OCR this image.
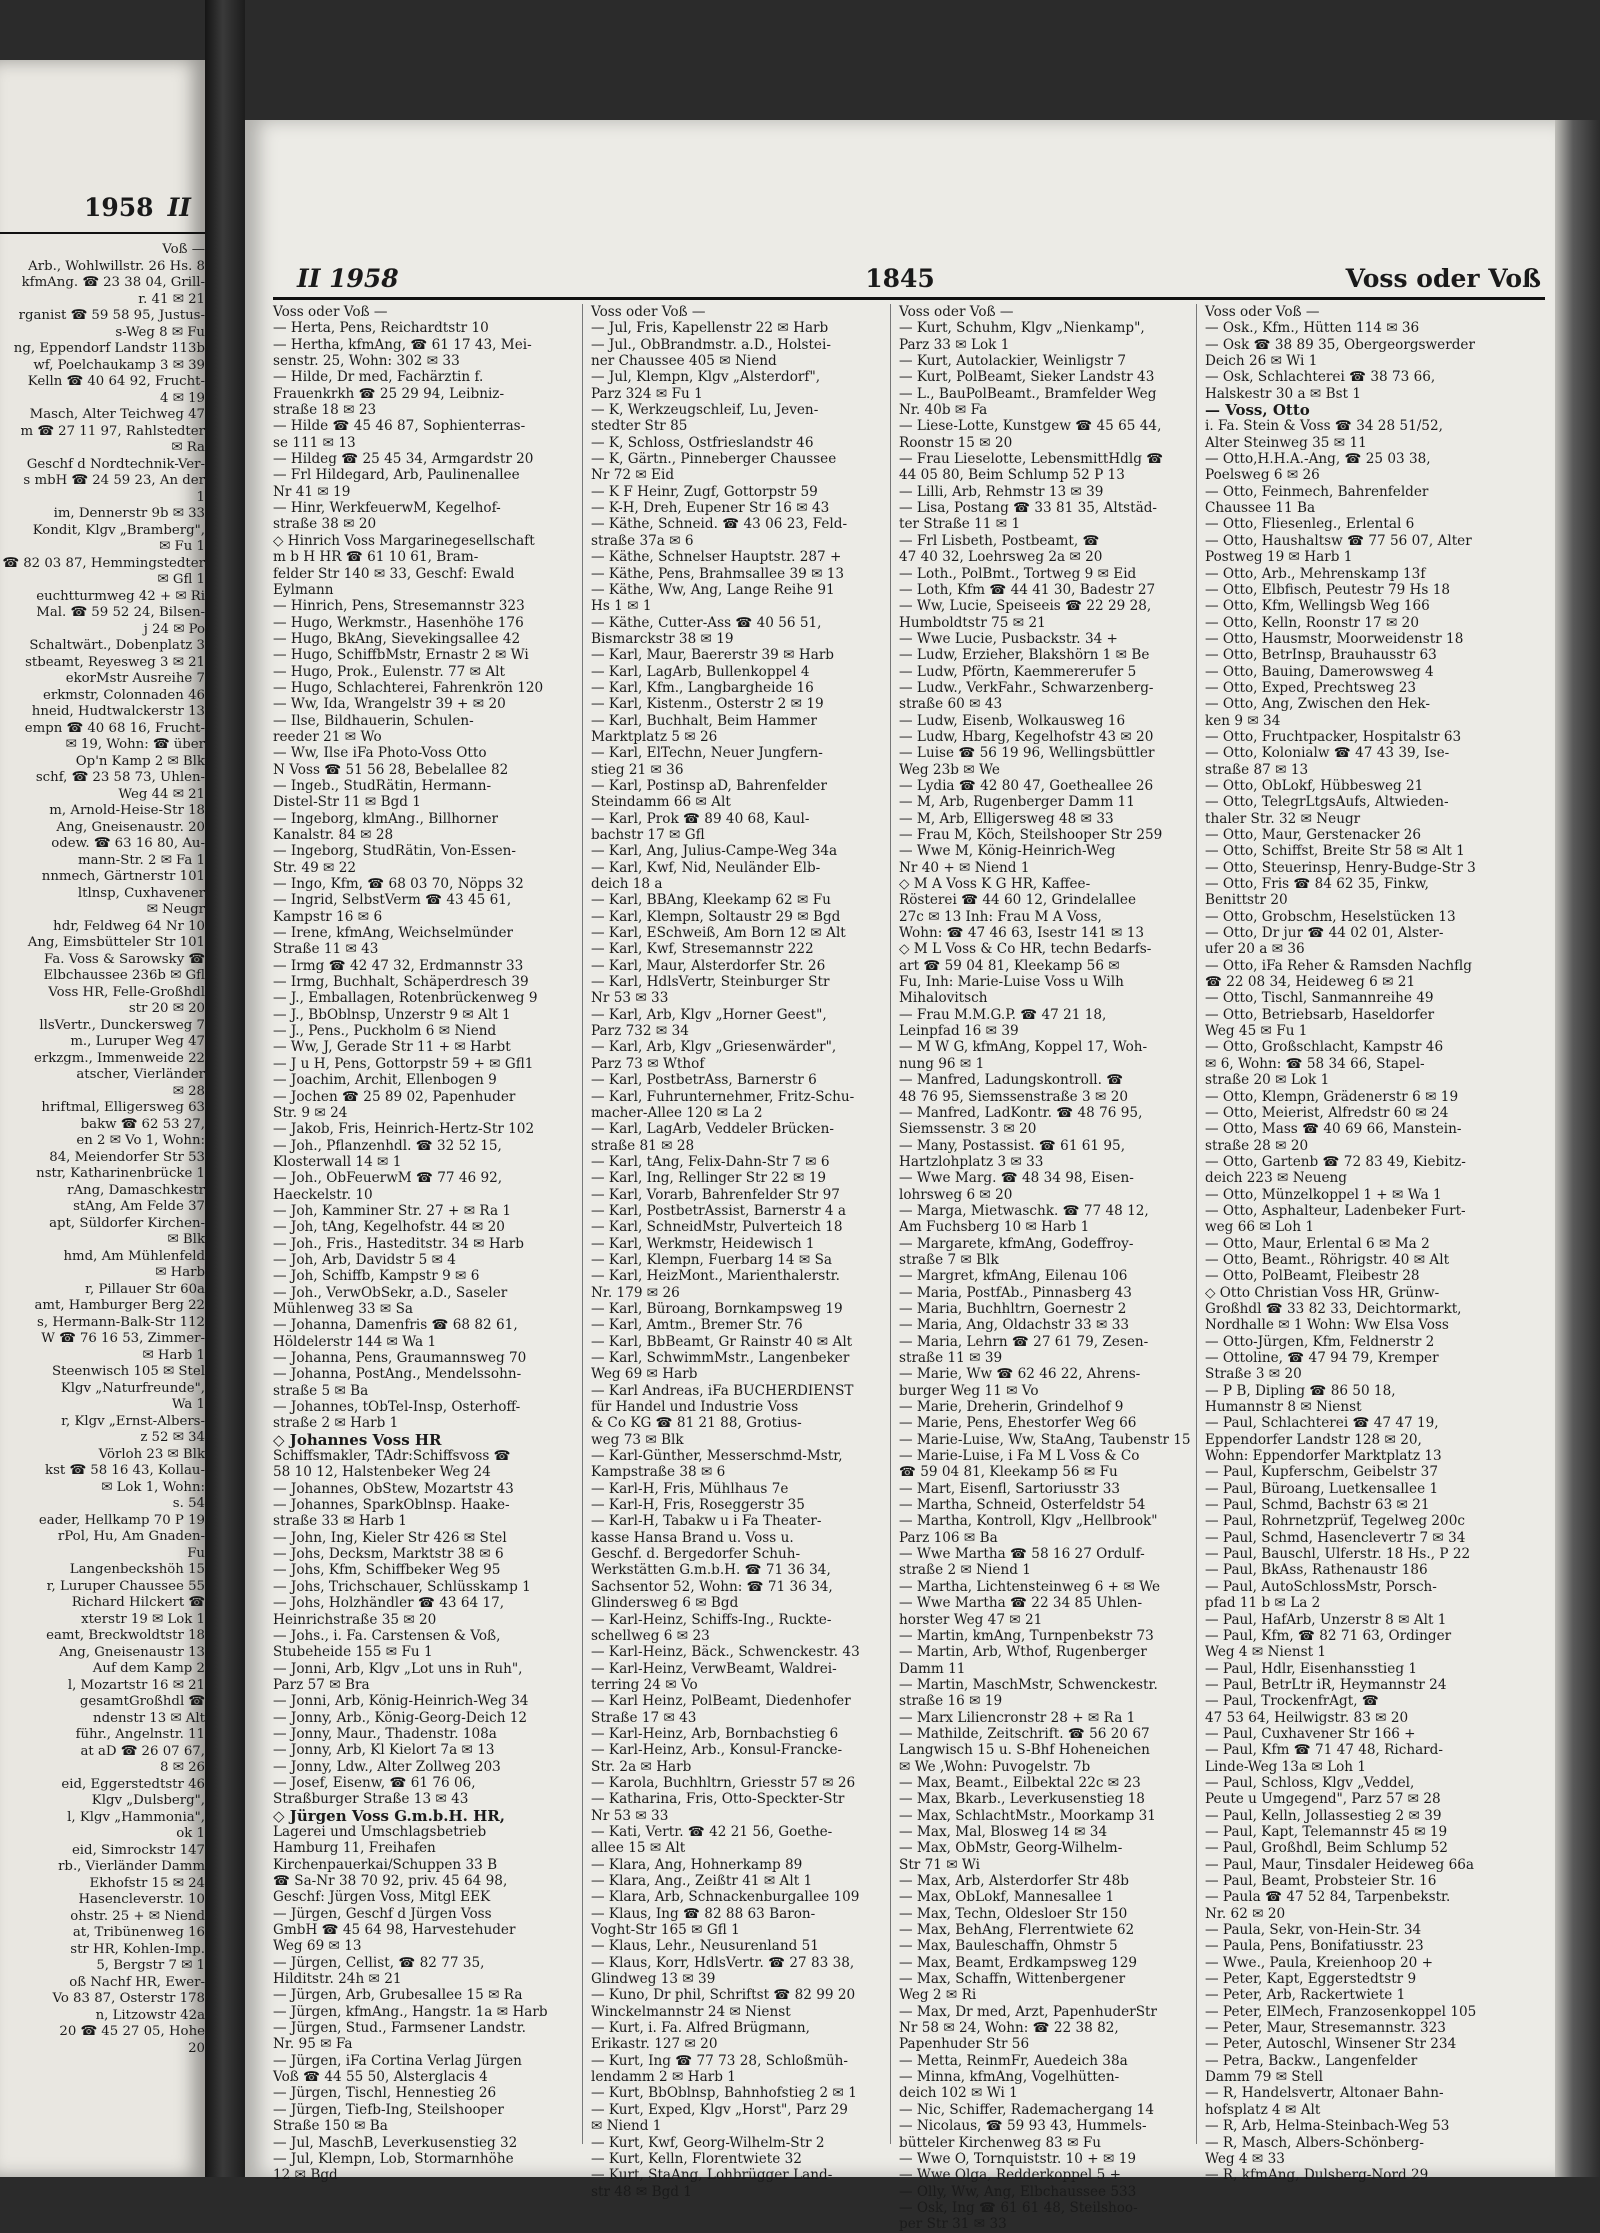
1958 II
Voß —
Arb., Wohlwillstr. 26 Hs. 8
kfmAng. ☎ 23 38 04, Grill-
r. 41 ✉ 21
rganist ☎ 59 58 95, Justus-
s-Weg 8 ✉ Fu
ng, Eppendorf Landstr 113b
wf, Poelchaukamp 3 ✉ 39
Kelln ☎ 40 64 92, Frucht-
4 ✉ 19
Masch, Alter Teichweg 47
m ☎ 27 11 97, Rahlstedter
✉ Ra
Geschf d Nordtechnik-Ver-
s mbH ☎ 24 59 23, An der
1
im, Dennerstr 9b ✉ 33
Kondit, Klgv „Bramberg",
✉ Fu 1
☎ 82 03 87, Hemmingstedter
✉ Gfl 1
euchtturmweg 42 + ✉ Ri
Mal. ☎ 59 52 24, Bilsen-
j 24 ✉ Po
Schaltwärt., Dobenplatz 3
stbeamt, Reyesweg 3 ✉ 21
ekorMstr Ausreihe 7
erkmstr, Colonnaden 46
hneid, Hudtwalckerstr 13
empn ☎ 40 68 16, Frucht-
✉ 19, Wohn: ☎ über
Op'n Kamp 2 ✉ Blk
schf, ☎ 23 58 73, Uhlen-
Weg 44 ✉ 21
m, Arnold-Heise-Str 18
Ang, Gneisenaustr. 20
odew. ☎ 63 16 80, Au-
mann-Str. 2 ✉ Fa 1
nnmech, Gärtnerstr 101
ltlnsp, Cuxhavener
✉ Neugr
hdr, Feldweg 64 Nr 10
Ang, Eimsbütteler Str 101
Fa. Voss & Sarowsky ☎
Elbchaussee 236b ✉ Gfl
Voss HR, Felle-Großhdl
str 20 ✉ 20
llsVertr., Dunckersweg 7
m., Luruper Weg 47
erkzgm., Immenweide 22
atscher, Vierländer
✉ 28
hriftmal, Elligersweg 63
bakw ☎ 62 53 27,
en 2 ✉ Vo 1, Wohn:
84, Meiendorfer Str 53
nstr, Katharinenbrücke 1
rAng, Damaschkestr
stAng, Am Felde 37
apt, Süldorfer Kirchen-
✉ Blk
hmd, Am Mühlenfeld
✉ Harb
r, Pillauer Str 60a
amt, Hamburger Berg 22
s, Hermann-Balk-Str 112
W ☎ 76 16 53, Zimmer-
✉ Harb 1
Steenwisch 105 ✉ Stel
Klgv „Naturfreunde",
Wa 1
r, Klgv „Ernst-Albers-
z 52 ✉ 34
Vörloh 23 ✉ Blk
kst ☎ 58 16 43, Kollau-
✉ Lok 1, Wohn:
s. 54
eader, Hellkamp 70 P 19
rPol, Hu, Am Gnaden-
Fu
Langenbeckshöh 15
r, Luruper Chaussee 55
Richard Hilckert ☎
xterstr 19 ✉ Lok 1
eamt, Breckwoldtstr 18
Ang, Gneisenaustr 13
Auf dem Kamp 2
l, Mozartstr 16 ✉ 21
gesamtGroßhdl ☎
ndenstr 13 ✉ Alt
führ., Angelnstr. 11
at aD ☎ 26 07 67,
8 ✉ 26
eid, Eggerstedtstr 46
Klgv „Dulsberg",
l, Klgv „Hammonia",
ok 1
eid, Simrockstr 147
rb., Vierländer Damm
Ekhofstr 15 ✉ 24
Hasencleverstr. 10
ohstr. 25 + ✉ Niend
at, Tribünenweg 16
str HR, Kohlen-Imp.
5, Bergstr 7 ✉ 1
oß Nachf HR, Ewer-
Vo 83 87, Osterstr 178
n, Litzowstr 42a
20 ☎ 45 27 05, Hohe
20
II 1958	1845	Voss oder Voß
Voss oder Voß —
— Herta, Pens, Reichardtstr 10
— Hertha, kfmAng, ☎ 61 17 43, Mei-
senstr. 25, Wohn: 302 ✉ 33
— Hilde, Dr med, Fachärztin f.
Frauenkrkh ☎ 25 29 94, Leibniz-
straße 18 ✉ 23
— Hilde ☎ 45 46 87, Sophienterras-
se 111 ✉ 13
— Hildeg ☎ 25 45 34, Armgardstr 20
— Frl Hildegard, Arb, Paulinenallee
Nr 41 ✉ 19
— Hinr, WerkfeuerwM, Kegelhof-
straße 38 ✉ 20
◇ Hinrich Voss Margarinegesellschaft
m b H HR ☎ 61 10 61, Bram-
felder Str 140 ✉ 33, Geschf: Ewald
Eylmann
— Hinrich, Pens, Stresemannstr 323
— Hugo, Werkmstr., Hasenhöhe 176
— Hugo, BkAng, Sievekingsallee 42
— Hugo, SchiffbMstr, Ernastr 2 ✉ Wi
— Hugo, Prok., Eulenstr. 77 ✉ Alt
— Hugo, Schlachterei, Fahrenkrön 120
— Ww, Ida, Wrangelstr 39 + ✉ 20
— Ilse, Bildhauerin, Schulen-
reeder 21 ✉ Wo
— Ww, Ilse iFa Photo-Voss Otto
N Voss ☎ 51 56 28, Bebelallee 82
— Ingeb., StudRätin, Hermann-
Distel-Str 11 ✉ Bgd 1
— Ingeborg, klmAng., Billhorner
Kanalstr. 84 ✉ 28
— Ingeborg, StudRätin, Von-Essen-
Str. 49 ✉ 22
— Ingo, Kfm, ☎ 68 03 70, Nöpps 32
— Ingrid, SelbstVerm ☎ 43 45 61,
Kampstr 16 ✉ 6
— Irene, kfmAng, Weichselmünder
Straße 11 ✉ 43
— Irmg ☎ 42 47 32, Erdmannstr 33
— Irmg, Buchhalt, Schäperdresch 39
— J., Emballagen, Rotenbrückenweg 9
— J., BbOblnsp, Unzerstr 9 ✉ Alt 1
— J., Pens., Puckholm 6 ✉ Niend
— Ww, J, Gerade Str 11 + ✉ Harbt
— J u H, Pens, Gottorpstr 59 + ✉ Gfl1
— Joachim, Archit, Ellenbogen 9
— Jochen ☎ 25 89 02, Papenhuder
Str. 9 ✉ 24
— Jakob, Fris, Heinrich-Hertz-Str 102
— Joh., Pflanzenhdl. ☎ 32 52 15,
Klosterwall 14 ✉ 1
— Joh., ObFeuerwM ☎ 77 46 92,
Haeckelstr. 10
— Joh, Kamminer Str. 27 + ✉ Ra 1
— Joh, tAng, Kegelhofstr. 44 ✉ 20
— Joh., Fris., Hasteditstr. 34 ✉ Harb
— Joh, Arb, Davidstr 5 ✉ 4
— Joh, Schiffb, Kampstr 9 ✉ 6
— Joh., VerwObSekr, a.D., Saseler
Mühlenweg 33 ✉ Sa
— Johanna, Damenfris ☎ 68 82 61,
Höldelerstr 144 ✉ Wa 1
— Johanna, Pens, Graumannsweg 70
— Johanna, PostAng., Mendelssohn-
straße 5 ✉ Ba
— Johannes, tObTel-Insp, Osterhoff-
straße 2 ✉ Harb 1
◇ Johannes Voss HR
Schiffsmakler, TAdr:Schiffsvoss ☎
58 10 12, Halstenbeker Weg 24
— Johannes, ObStew, Mozartstr 43
— Johannes, SparkOblnsp. Haake-
straße 33 ✉ Harb 1
— John, Ing, Kieler Str 426 ✉ Stel
— Johs, Decksm, Marktstr 38 ✉ 6
— Johs, Kfm, Schiffbeker Weg 95
— Johs, Trichschauer, Schlüsskamp 1
— Johs, Holzhändler ☎ 43 64 17,
Heinrichstraße 35 ✉ 20
— Johs., i. Fa. Carstensen & Voß,
Stubeheide 155 ✉ Fu 1
— Jonni, Arb, Klgv „Lot uns in Ruh",
Parz 57 ✉ Bra
— Jonni, Arb, König-Heinrich-Weg 34
— Jonny, Arb., König-Georg-Deich 12
— Jonny, Maur., Thadenstr. 108a
— Jonny, Arb, Kl Kielort 7a ✉ 13
— Jonny, Ldw., Alter Zollweg 203
— Josef, Eisenw, ☎ 61 76 06,
Straßburger Straße 13 ✉ 43
◇ Jürgen Voss G.m.b.H. HR,
Lagerei und Umschlagsbetrieb
Hamburg 11, Freihafen
Kirchenpauerkai/Schuppen 33 B
☎ Sa-Nr 38 70 92, priv. 45 64 98,
Geschf: Jürgen Voss, Mitgl EEK
— Jürgen, Geschf d Jürgen Voss
GmbH ☎ 45 64 98, Harvestehuder
Weg 69 ✉ 13
— Jürgen, Cellist, ☎ 82 77 35,
Hilditstr. 24h ✉ 21
— Jürgen, Arb, Grubesallee 15 ✉ Ra
— Jürgen, kfmAng., Hangstr. 1a ✉ Harb
— Jürgen, Stud., Farmsener Landstr.
Nr. 95 ✉ Fa
— Jürgen, iFa Cortina Verlag Jürgen
Voß ☎ 44 55 50, Alsterglacis 4
— Jürgen, Tischl, Hennestieg 26
— Jürgen, Tiefb-Ing, Steilshooper
Straße 150 ✉ Ba
— Jul, MaschB, Leverkusenstieg 32
— Jul, Klempn, Lob, Stormarnhöhe
12 ✉ Bgd
Voss oder Voß —
— Jul, Fris, Kapellenstr 22 ✉ Harb
— Jul., ObBrandmstr. a.D., Holstei-
ner Chaussee 405 ✉ Niend
— Jul, Klempn, Klgv „Alsterdorf",
Parz 324 ✉ Fu 1
— K, Werkzeugschleif, Lu, Jeven-
stedter Str 85
— K, Schloss, Ostfrieslandstr 46
— K, Gärtn., Pinneberger Chaussee
Nr 72 ✉ Eid
— K F Heinr, Zugf, Gottorpstr 59
— K-H, Dreh, Eupener Str 16 ✉ 43
— Käthe, Schneid. ☎ 43 06 23, Feld-
straße 37a ✉ 6
— Käthe, Schnelser Hauptstr. 287 +
— Käthe, Pens, Brahmsallee 39 ✉ 13
— Käthe, Ww, Ang, Lange Reihe 91
Hs 1 ✉ 1
— Käthe, Cutter-Ass ☎ 40 56 51,
Bismarckstr 38 ✉ 19
— Karl, Maur, Baererstr 39 ✉ Harb
— Karl, LagArb, Bullenkoppel 4
— Karl, Kfm., Langbargheide 16
— Karl, Kistenm., Osterstr 2 ✉ 19
— Karl, Buchhalt, Beim Hammer
Marktplatz 5 ✉ 26
— Karl, ElTechn, Neuer Jungfern-
stieg 21 ✉ 36
— Karl, Postinsp aD, Bahrenfelder
Steindamm 66 ✉ Alt
— Karl, Prok ☎ 89 40 68, Kaul-
bachstr 17 ✉ Gfl
— Karl, Ang, Julius-Campe-Weg 34a
— Karl, Kwf, Nid, Neuländer Elb-
deich 18 a
— Karl, BBAng, Kleekamp 62 ✉ Fu
— Karl, Klempn, Soltaustr 29 ✉ Bgd
— Karl, ESchweiß, Am Born 12 ✉ Alt
— Karl, Kwf, Stresemannstr 222
— Karl, Maur, Alsterdorfer Str. 26
— Karl, HdlsVertr, Steinburger Str
Nr 53 ✉ 33
— Karl, Arb, Klgv „Horner Geest",
Parz 732 ✉ 34
— Karl, Arb, Klgv „Griesenwärder",
Parz 73 ✉ Wthof
— Karl, PostbetrAss, Barnerstr 6
— Karl, Fuhrunternehmer, Fritz-Schu-
macher-Allee 120 ✉ La 2
— Karl, LagArb, Veddeler Brücken-
straße 81 ✉ 28
— Karl, tAng, Felix-Dahn-Str 7 ✉ 6
— Karl, Ing, Rellinger Str 22 ✉ 19
— Karl, Vorarb, Bahrenfelder Str 97
— Karl, PostbetrAssist, Barnerstr 4 a
— Karl, SchneidMstr, Pulverteich 18
— Karl, Werkmstr, Heidewisch 1
— Karl, Klempn, Fuerbarg 14 ✉ Sa
— Karl, HeizMont., Marienthalerstr.
Nr. 179 ✉ 26
— Karl, Büroang, Bornkampsweg 19
— Karl, Amtm., Bremer Str. 76
— Karl, BbBeamt, Gr Rainstr 40 ✉ Alt
— Karl, SchwimmMstr., Langenbeker
Weg 69 ✉ Harb
— Karl Andreas, iFa BUCHERDIENST
für Handel und Industrie Voss
& Co KG ☎ 81 21 88, Grotius-
weg 73 ✉ Blk
— Karl-Günther, Messerschmd-Mstr,
Kampstraße 38 ✉ 6
— Karl-H, Fris, Mühlhaus 7e
— Karl-H, Fris, Roseggerstr 35
— Karl-H, Tabakw u i Fa Theater-
kasse Hansa Brand u. Voss u.
Geschf. d. Bergedorfer Schuh-
Werkstätten G.m.b.H. ☎ 71 36 34,
Sachsentor 52, Wohn: ☎ 71 36 34,
Glindersweg 6 ✉ Bgd
— Karl-Heinz, Schiffs-Ing., Ruckte-
schellweg 6 ✉ 23
— Karl-Heinz, Bäck., Schwenckestr. 43
— Karl-Heinz, VerwBeamt, Waldrei-
terring 24 ✉ Vo
— Karl Heinz, PolBeamt, Diedenhofer
Straße 17 ✉ 43
— Karl-Heinz, Arb, Bornbachstieg 6
— Karl-Heinz, Arb., Konsul-Francke-
Str. 2a ✉ Harb
— Karola, Buchhltrn, Griesstr 57 ✉ 26
— Katharina, Fris, Otto-Speckter-Str
Nr 53 ✉ 33
— Kati, Vertr. ☎ 42 21 56, Goethe-
allee 15 ✉ Alt
— Klara, Ang, Hohnerkamp 89
— Klara, Ang., Zeißtr 41 ✉ Alt 1
— Klara, Arb, Schnackenburgallee 109
— Klaus, Ing ☎ 82 88 63 Baron-
Voght-Str 165 ✉ Gfl 1
— Klaus, Lehr., Neusurenland 51
— Klaus, Korr, HdlsVertr. ☎ 27 83 38,
Glindweg 13 ✉ 39
— Kuno, Dr phil, Schriftst ☎ 82 99 20
Winckelmannstr 24 ✉ Nienst
— Kurt, i. Fa. Alfred Brügmann,
Erikastr. 127 ✉ 20
— Kurt, Ing ☎ 77 73 28, Schloßmüh-
lendamm 2 ✉ Harb 1
— Kurt, BbOblnsp, Bahnhofstieg 2 ✉ 1
— Kurt, Exped, Klgv „Horst", Parz 29
✉ Niend 1
— Kurt, Kwf, Georg-Wilhelm-Str 2
— Kurt, Kelln, Florentwiete 32
— Kurt, StaAng, Lohbrügger Land-
str 48 ✉ Bgd 1
Voss oder Voß —
— Kurt, Schuhm, Klgv „Nienkamp",
Parz 33 ✉ Lok 1
— Kurt, Autolackier, Weinligstr 7
— Kurt, PolBeamt, Sieker Landstr 43
— L., BauPolBeamt., Bramfelder Weg
Nr. 40b ✉ Fa
— Liese-Lotte, Kunstgew ☎ 45 65 44,
Roonstr 15 ✉ 20
— Frau Lieselotte, LebensmittHdlg ☎
44 05 80, Beim Schlump 52 P 13
— Lilli, Arb, Rehmstr 13 ✉ 39
— Lisa, Postang ☎ 33 81 35, Altstäd-
ter Straße 11 ✉ 1
— Frl Lisbeth, Postbeamt, ☎
47 40 32, Loehrsweg 2a ✉ 20
— Loth., PolBmt., Tortweg 9 ✉ Eid
— Loth, Kfm ☎ 44 41 30, Badestr 27
— Ww, Lucie, Speiseeis ☎ 22 29 28,
Humboldtstr 75 ✉ 21
— Wwe Lucie, Pusbackstr. 34 +
— Ludw, Erzieher, Blakshörn 1 ✉ Be
— Ludw, Pförtn, Kaemmererufer 5
— Ludw., VerkFahr., Schwarzenberg-
straße 60 ✉ 43
— Ludw, Eisenb, Wolkausweg 16
— Ludw, Hbarg, Kegelhofstr 43 ✉ 20
— Luise ☎ 56 19 96, Wellingsbüttler
Weg 23b ✉ We
— Lydia ☎ 42 80 47, Goetheallee 26
— M, Arb, Rugenberger Damm 11
— M, Arb, Elligersweg 48 ✉ 33
— Frau M, Köch, Steilshooper Str 259
— Wwe M, König-Heinrich-Weg
Nr 40 + ✉ Niend 1
◇ M A Voss K G HR, Kaffee-
Rösterei ☎ 44 60 12, Grindelallee
27c ✉ 13 Inh: Frau M A Voss,
Wohn: ☎ 47 46 63, Isestr 141 ✉ 13
◇ M L Voss & Co HR, techn Bedarfs-
art ☎ 59 04 81, Kleekamp 56 ✉
Fu, Inh: Marie-Luise Voss u Wilh
Mihalovitsch
— Frau M.M.G.P. ☎ 47 21 18,
Leinpfad 16 ✉ 39
— M W G, kfmAng, Koppel 17, Woh-
nung 96 ✉ 1
— Manfred, Ladungskontroll. ☎
48 76 95, Siemssenstraße 3 ✉ 20
— Manfred, LadKontr. ☎ 48 76 95,
Siemssenstr. 3 ✉ 20
— Many, Postassist. ☎ 61 61 95,
Hartzlohplatz 3 ✉ 33
— Wwe Marg. ☎ 48 34 98, Eisen-
lohrsweg 6 ✉ 20
— Marga, Mietwaschk. ☎ 77 48 12,
Am Fuchsberg 10 ✉ Harb 1
— Margarete, kfmAng, Godeffroy-
straße 7 ✉ Blk
— Margret, kfmAng, Eilenau 106
— Maria, PostfAb., Pinnasberg 43
— Maria, Buchhltrn, Goernestr 2
— Maria, Ang, Oldachstr 33 ✉ 33
— Maria, Lehrn ☎ 27 61 79, Zesen-
straße 11 ✉ 39
— Marie, Ww ☎ 62 46 22, Ahrens-
burger Weg 11 ✉ Vo
— Marie, Dreherin, Grindelhof 9
— Marie, Pens, Ehestorfer Weg 66
— Marie-Luise, Ww, StaAng, Taubenstr 15
— Marie-Luise, i Fa M L Voss & Co
☎ 59 04 81, Kleekamp 56 ✉ Fu
— Mart, Eisenfl, Sartoriusstr 33
— Martha, Schneid, Osterfeldstr 54
— Martha, Kontroll, Klgv „Hellbrook"
Parz 106 ✉ Ba
— Wwe Martha ☎ 58 16 27 Ordulf-
straße 2 ✉ Niend 1
— Martha, Lichtensteinweg 6 + ✉ We
— Wwe Martha ☎ 22 34 85 Uhlen-
horster Weg 47 ✉ 21
— Martin, kmAng, Turnpenbekstr 73
— Martin, Arb, Wthof, Rugenberger
Damm 11
— Martin, MaschMstr, Schwenckestr.
straße 16 ✉ 19
— Marx Liliencronstr 28 + ✉ Ra 1
— Mathilde, Zeitschrift. ☎ 56 20 67
Langwisch 15 u. S-Bhf Hoheneichen
✉ We ,Wohn: Puvogelstr. 7b
— Max, Beamt., Eilbektal 22c ✉ 23
— Max, Bkarb., Leverkusenstieg 18
— Max, SchlachtMstr., Moorkamp 31
— Max, Mal, Blosweg 14 ✉ 34
— Max, ObMstr, Georg-Wilhelm-
Str 71 ✉ Wi
— Max, Arb, Alsterdorfer Str 48b
— Max, ObLokf, Mannesallee 1
— Max, Techn, Oldesloer Str 150
— Max, BehAng, Flerrentwiete 62
— Max, Bauleschaffn, Ohmstr 5
— Max, Beamt, Erdkampsweg 129
— Max, Schaffn, Wittenbergener
Weg 2 ✉ Ri
— Max, Dr med, Arzt, PapenhuderStr
Nr 58 ✉ 24, Wohn: ☎ 22 38 82,
Papenhuder Str 56
— Metta, ReinmFr, Auedeich 38a
— Minna, kfmAng, Vogelhütten-
deich 102 ✉ Wi 1
— Nic, Schiffer, Rademachergang 14
— Nicolaus, ☎ 59 93 43, Hummels-
bütteler Kirchenweg 83 ✉ Fu
— Wwe O, Tornquiststr. 10 + ✉ 19
— Wwe Olga, Redderkoppel 5 +
— Olly, Ww, Ang, Elbchaussee 533
— Osk, Ing ☎ 61 61 48, Steilshoo-
per Str 31 ✉ 33
Voss oder Voß —
— Osk., Kfm., Hütten 114 ✉ 36
— Osk ☎ 38 89 35, Obergeorgswerder
Deich 26 ✉ Wi 1
— Osk, Schlachterei ☎ 38 73 66,
Halskestr 30 a ✉ Bst 1
— Voss, Otto
i. Fa. Stein & Voss ☎ 34 28 51/52,
Alter Steinweg 35 ✉ 11
— Otto,H.H.A.-Ang, ☎ 25 03 38,
Poelsweg 6 ✉ 26
— Otto, Feinmech, Bahrenfelder
Chaussee 11 Ba
— Otto, Fliesenleg., Erlental 6
— Otto, Haushaltsw ☎ 77 56 07, Alter
Postweg 19 ✉ Harb 1
— Otto, Arb., Mehrenskamp 13f
— Otto, Elbfisch, Peutestr 79 Hs 18
— Otto, Kfm, Wellingsb Weg 166
— Otto, Kelln, Roonstr 17 ✉ 20
— Otto, Hausmstr, Moorweidenstr 18
— Otto, BetrInsp, Brauhausstr 63
— Otto, Bauing, Damerowsweg 4
— Otto, Exped, Prechtsweg 23
— Otto, Ang, Zwischen den Hek-
ken 9 ✉ 34
— Otto, Fruchtpacker, Hospitalstr 63
— Otto, Kolonialw ☎ 47 43 39, Ise-
straße 87 ✉ 13
— Otto, ObLokf, Hübbesweg 21
— Otto, TelegrLtgsAufs, Altwieden-
thaler Str. 32 ✉ Neugr
— Otto, Maur, Gerstenacker 26
— Otto, Schiffst, Breite Str 58 ✉ Alt 1
— Otto, Steuerinsp, Henry-Budge-Str 3
— Otto, Fris ☎ 84 62 35, Finkw,
Benittstr 20
— Otto, Grobschm, Heselstücken 13
— Otto, Dr jur ☎ 44 02 01, Alster-
ufer 20 a ✉ 36
— Otto, iFa Reher & Ramsden Nachflg
☎ 22 08 34, Heideweg 6 ✉ 21
— Otto, Tischl, Sanmannreihe 49
— Otto, Betriebsarb, Haseldorfer
Weg 45 ✉ Fu 1
— Otto, Großschlacht, Kampstr 46
✉ 6, Wohn: ☎ 58 34 66, Stapel-
straße 20 ✉ Lok 1
— Otto, Klempn, Grädenerstr 6 ✉ 19
— Otto, Meierist, Alfredstr 60 ✉ 24
— Otto, Mass ☎ 40 69 66, Manstein-
straße 28 ✉ 20
— Otto, Gartenb ☎ 72 83 49, Kiebitz-
deich 223 ✉ Neueng
— Otto, Münzelkoppel 1 + ✉ Wa 1
— Otto, Asphalteur, Ladenbeker Furt-
weg 66 ✉ Loh 1
— Otto, Maur, Erlental 6 ✉ Ma 2
— Otto, Beamt., Röhrigstr. 40 ✉ Alt
— Otto, PolBeamt, Fleibestr 28
◇ Otto Christian Voss HR, Grünw-
Großhdl ☎ 33 82 33, Deichtormarkt,
Nordhalle ✉ 1 Wohn: Ww Elsa Voss
— Otto-Jürgen, Kfm, Feldnerstr 2
— Ottoline, ☎ 47 94 79, Kremper
Straße 3 ✉ 20
— P B, Dipling ☎ 86 50 18,
Humannstr 8 ✉ Nienst
— Paul, Schlachterei ☎ 47 47 19,
Eppendorfer Landstr 128 ✉ 20,
Wohn: Eppendorfer Marktplatz 13
— Paul, Kupferschm, Geibelstr 37
— Paul, Büroang, Luetkensallee 1
— Paul, Schmd, Bachstr 63 ✉ 21
— Paul, Rohrnetzprüf, Tegelweg 200c
— Paul, Schmd, Hasenclevertr 7 ✉ 34
— Paul, Bauschl, Ulferstr. 18 Hs., P 22
— Paul, BkAss, Rathenaustr 186
— Paul, AutoSchlossMstr, Porsch-
pfad 11 b ✉ La 2
— Paul, HafArb, Unzerstr 8 ✉ Alt 1
— Paul, Kfm, ☎ 82 71 63, Ordinger
Weg 4 ✉ Nienst 1
— Paul, Hdlr, Eisenhansstieg 1
— Paul, BetrLtr iR, Heymannstr 24
— Paul, TrockenfrAgt, ☎
47 53 64, Heilwigstr. 83 ✉ 20
— Paul, Cuxhavener Str 166 +
— Paul, Kfm ☎ 71 47 48, Richard-
Linde-Weg 13a ✉ Loh 1
— Paul, Schloss, Klgv „Veddel,
Peute u Umgegend", Parz 57 ✉ 28
— Paul, Kelln, Jollassestieg 2 ✉ 39
— Paul, Kapt, Telemannstr 45 ✉ 19
— Paul, Großhdl, Beim Schlump 52
— Paul, Maur, Tinsdaler Heideweg 66a
— Paul, Beamt, Probsteier Str. 16
— Paula ☎ 47 52 84, Tarpenbekstr.
Nr. 62 ✉ 20
— Paula, Sekr, von-Hein-Str. 34
— Paula, Pens, Bonifatiusstr. 23
— Wwe., Paula, Kreienhoop 20 +
— Peter, Kapt, Eggerstedtstr 9
— Peter, Arb, Rackertwiete 1
— Peter, ElMech, Franzosenkoppel 105
— Peter, Maur, Stresemannstr. 323
— Peter, Autoschl, Winsener Str 234
— Petra, Backw., Langenfelder
Damm 79 ✉ Stell
— R, Handelsvertr, Altonaer Bahn-
hofsplatz 4 ✉ Alt
— R, Arb, Helma-Steinbach-Weg 53
— R, Masch, Albers-Schönberg-
Weg 4 ✉ 33
— R, kfmAng, Dulsberg-Nord 29
